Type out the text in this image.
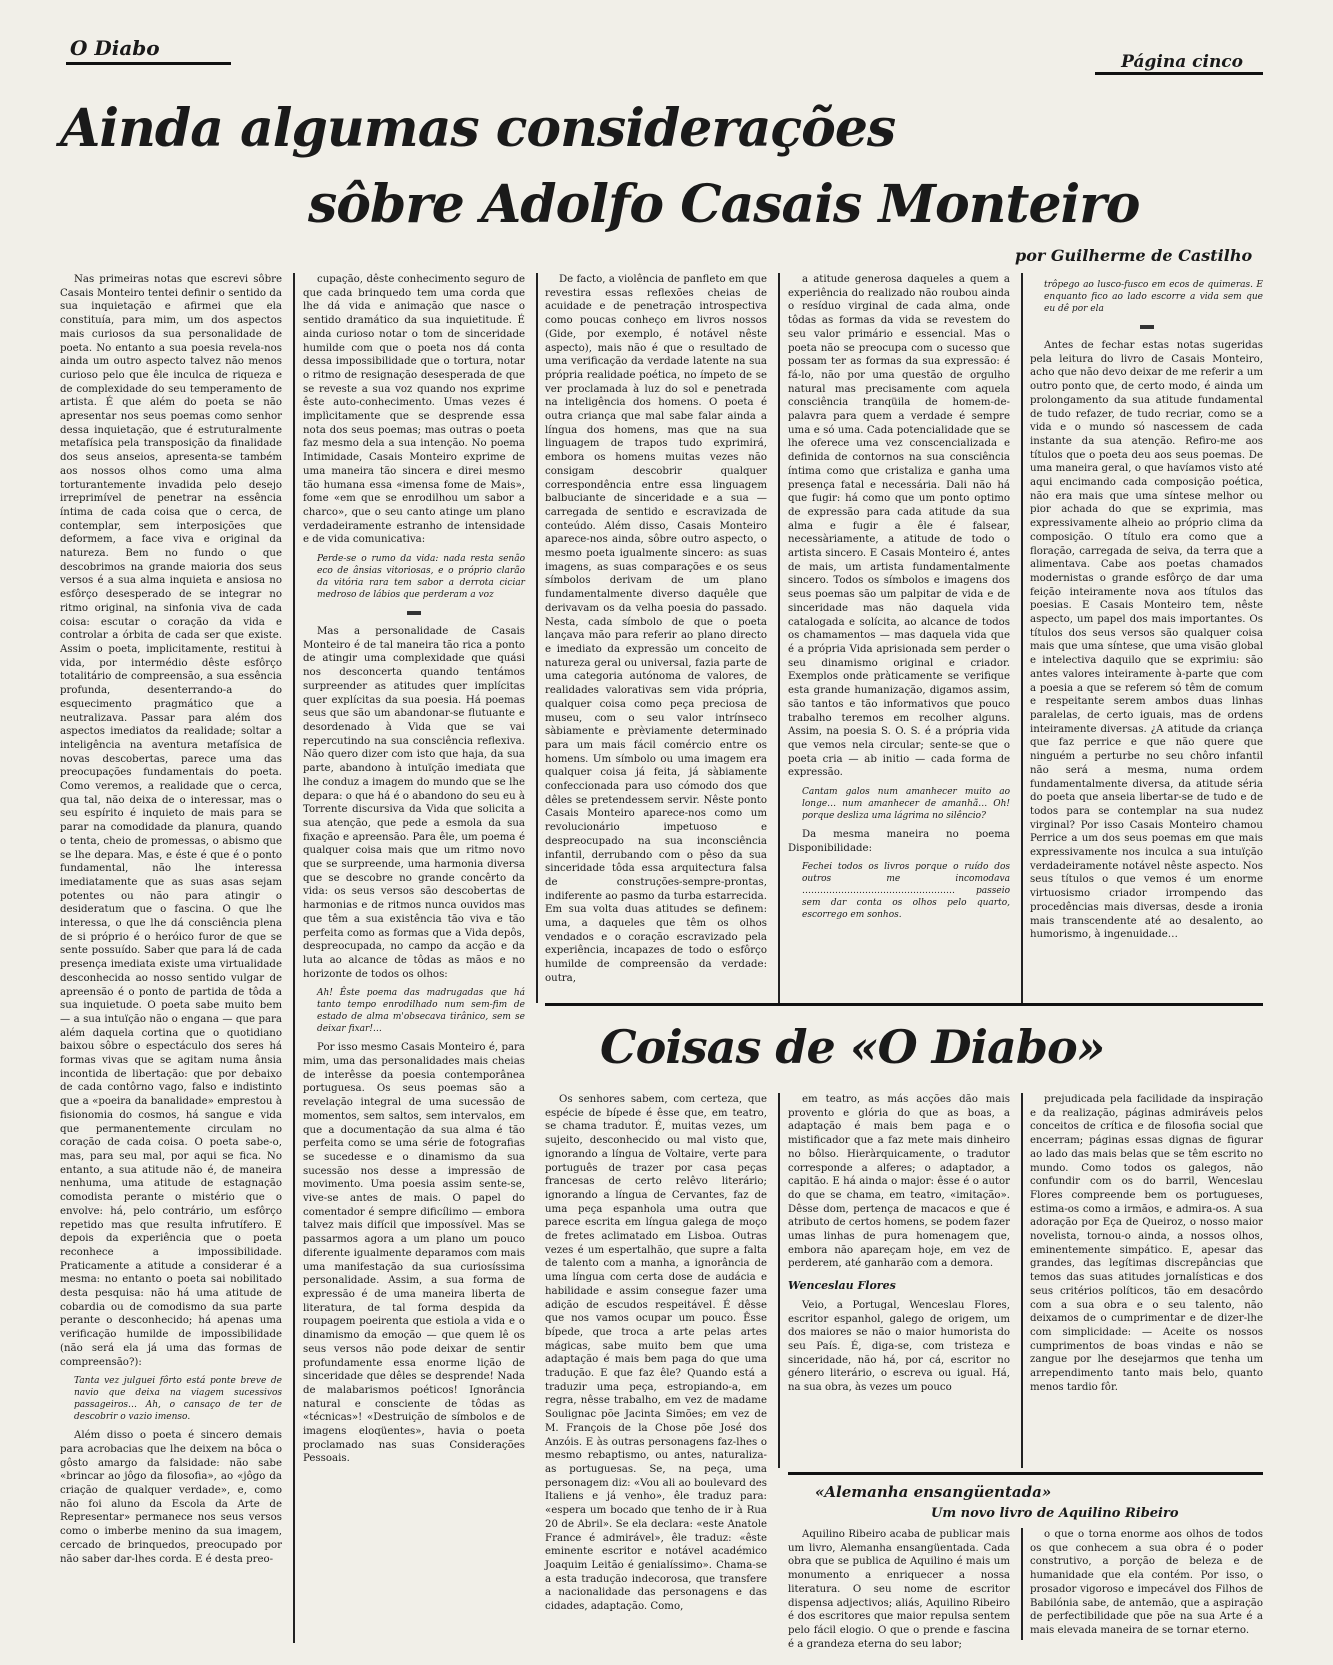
O Diabo
Página cinco
Ainda algumas considerações
sôbre Adolfo Casais Monteiro
por Guilherme de Castilho

Nas primeiras notas que escrevi sôbre Casais Monteiro tentei definir o sentido da sua inquietação e afirmei que ela constituía, para mim, um dos aspectos mais curiosos da sua personalidade de poeta. No entanto a sua poesia revela-nos ainda um outro aspecto talvez não menos curioso pelo que êle inculca de riqueza e de complexidade do seu temperamento de artista. É que além do poeta se não apresentar nos seus poemas como senhor dessa inquietação, que é estruturalmente metafísica pela transposição da finalidade dos seus anseios, apresenta-se também aos nossos olhos como uma alma torturantemente invadida pelo desejo irreprimível de penetrar na essência íntima de cada coisa que o cerca, de contemplar, sem interposições que deformem, a face viva e original da natureza. Bem no fundo o que descobrimos na grande maioria dos seus versos é a sua alma inquieta e ansiosa no esfôrço desesperado de se integrar no ritmo original, na sinfonia viva de cada coisa: escutar o coração da vida e controlar a órbita de cada ser que existe. Assim o poeta, implicitamente, restitui à vida, por intermédio dêste esfôrço totalitário de compreensão, a sua essência profunda, desenterrando-a do esquecimento pragmático que a neutralizava. Passar para além dos aspectos imediatos da realidade; soltar a inteligência na aventura metafísica de novas descobertas, parece uma das preocupações fundamentais do poeta. Como veremos, a realidade que o cerca, qua tal, não deixa de o interessar, mas o seu espírito é inquieto de mais para se parar na comodidade da planura, quando o tenta, cheio de promessas, o abismo que se lhe depara. Mas, e éste é que é o ponto fundamental, não lhe interessa imediatamente que as suas asas sejam potentes ou não para atingir o desideratum que o fascina. O que lhe interessa, o que lhe dá consciência plena de si próprio é o heróico furor de que se sente possuído. Saber que para lá de cada presença imediata existe uma virtualidade desconhecida ao nosso sentido vulgar de apreensão é o ponto de partida de tôda a sua inquietude. O poeta sabe muito bem — a sua intuïção não o engana — que para além daquela cortina que o quotidiano baixou sôbre o espectáculo dos seres há formas vivas que se agitam numa ânsia incontida de libertação: que por debaixo de cada contôrno vago, falso e indistinto que a «poeira da banalidade» emprestou à fisionomia do cosmos, há sangue e vida que permanentemente circulam no coração de cada coisa. O poeta sabe-o, mas, para seu mal, por aqui se fica. No entanto, a sua atitude não é, de maneira nenhuma, uma atitude de estagnação comodista perante o mistério que o envolve: há, pelo contrário, um esfôrço repetido mas que resulta infrutífero. E depois da experiência que o poeta reconhece a impossibilidade. Praticamente a atitude a considerar é a mesma: no entanto o poeta sai nobilitado desta pesquisa: não há uma atitude de cobardia ou de comodismo da sua parte perante o desconhecido; há apenas uma verificação humilde de impossibilidade (não será ela já uma das formas de compreensão?):

Tanta vez julguei fôrto está ponte breve de navio que deixa na viagem sucessivos passageiros… Ah, o cansaço de ter de descobrir o vazio imenso.

Além disso o poeta é sincero demais para acrobacias que lhe deixem na bôca o gôsto amargo da falsidade: não sabe «brincar ao jôgo da filosofia», ao «jôgo da criação de qualquer verdade», e, como não foi aluno da Escola da Arte de Representar» permanece nos seus versos como o imberbe menino da sua imagem, cercado de brinquedos, preocupado por não saber dar-lhes corda. E é desta preo-

cupação, dêste conhecimento seguro de que cada brinquedo tem uma corda que lhe dá vida e animação que nasce o sentido dramático da sua inquietitude. É ainda curioso notar o tom de sinceridade humilde com que o poeta nos dá conta dessa impossibilidade que o tortura, notar o ritmo de resignação desesperada de que se reveste a sua voz quando nos exprime êste auto-conhecimento. Umas vezes é implìcitamente que se desprende essa nota dos seus poemas; mas outras o poeta faz mesmo dela a sua intenção. No poema Intimidade, Casais Monteiro exprime de uma maneira tão sincera e direi mesmo tão humana essa «imensa fome de Mais», fome «em que se enrodilhou um sabor a charco», que o seu canto atinge um plano verdadeiramente estranho de intensidade e de vida comunicativa:

Perde-se o rumo da vida: nada resta senão eco de ânsias vitoriosas, e o próprio clarão da vitória rara tem sabor a derrota ciciar medroso de lábios que perderam a voz

Mas a personalidade de Casais Monteiro é de tal maneira tão rica a ponto de atingir uma complexidade que quási nos desconcerta quando tentámos surpreender as atitudes quer implícitas quer explícitas da sua poesia. Há poemas seus que são um abandonar-se flutuante e desordenado à Vida que se vai repercutindo na sua consciência reflexiva. Não quero dizer com isto que haja, da sua parte, abandono à intuïção imediata que lhe conduz a imagem do mundo que se lhe depara: o que há é o abandono do seu eu à Torrente discursiva da Vida que solicita a sua atenção, que pede a esmola da sua fixação e apreensão. Para êle, um poema é qualquer coisa mais que um ritmo novo que se surpreende, uma harmonia diversa que se descobre no grande concêrto da vida: os seus versos são descobertas de harmonias e de ritmos nunca ouvidos mas que têm a sua existência tão viva e tão perfeita como as formas que a Vida depôs, despreocupada, no campo da acção e da luta ao alcance de tôdas as mãos e no horizonte de todos os olhos:

Ah! Êste poema das madrugadas que há tanto tempo enrodilhado num sem-fim de estado de alma m'obsecava tirânico, sem se deixar fixar!…

Por isso mesmo Casais Monteiro é, para mim, uma das personalidades mais cheias de interêsse da poesia contemporânea portuguesa. Os seus poemas são a revelação integral de uma sucessão de momentos, sem saltos, sem intervalos, em que a documentação da sua alma é tão perfeita como se uma série de fotografias se sucedesse e o dinamismo da sua sucessão nos desse a impressão de movimento. Uma poesia assim sente-se, vive-se antes de mais. O papel do comentador é sempre dificílimo — embora talvez mais difícil que impossível. Mas se passarmos agora a um plano um pouco diferente igualmente deparamos com mais uma manifestação da sua curiosíssima personalidade. Assim, a sua forma de expressão é de uma maneira liberta de literatura, de tal forma despida da roupagem poeirenta que estiola a vida e o dinamismo da emoção — que quem lê os seus versos não pode deixar de sentir profundamente essa enorme lição de sinceridade que dêles se desprende! Nada de malabarismos poéticos! Ignorância natural e consciente de tôdas as «técnicas»! «Destruição de símbolos e de imagens eloqüentes», havia o poeta proclamado nas suas Considerações Pessoais.

De facto, a violência de panfleto em que revestira essas reflexões cheias de acuidade e de penetração introspectiva como poucas conheço em livros nossos (Gide, por exemplo, é notável nêste aspecto), mais não é que o resultado de uma verificação da verdade latente na sua própria realidade poética, no ímpeto de se ver proclamada à luz do sol e penetrada na inteligência dos homens. O poeta é outra criança que mal sabe falar ainda a língua dos homens, mas que na sua linguagem de trapos tudo exprimirá, embora os homens muitas vezes não consigam descobrir qualquer correspondência entre essa linguagem balbuciante de sinceridade e a sua — carregada de sentido e escravizada de conteúdo. Além disso, Casais Monteiro aparece-nos ainda, sôbre outro aspecto, o mesmo poeta igualmente sincero: as suas imagens, as suas comparações e os seus símbolos derivam de um plano fundamentalmente diverso daquêle que derivavam os da velha poesia do passado. Nesta, cada símbolo de que o poeta lançava mão para referir ao plano directo e imediato da expressão um conceito de natureza geral ou universal, fazia parte de uma categoria autónoma de valores, de realidades valorativas sem vida própria, qualquer coisa como peça preciosa de museu, com o seu valor intrínseco sàbiamente e prèviamente determinado para um mais fácil comércio entre os homens. Um símbolo ou uma imagem era qualquer coisa já feita, já sàbiamente confeccionada para uso cómodo dos que dêles se pretendessem servir. Nêste ponto Casais Monteiro aparece-nos como um revolucionário impetuoso e despreocupado na sua inconsciência infantil, derrubando com o pêso da sua sinceridade tôda essa arquitectura falsa de construções-sempre-prontas, indiferente ao pasmo da turba estarrecida. Em sua volta duas atitudes se definem: uma, a daqueles que têm os olhos vendados e o coração escravizado pela experiência, incapazes de todo o esfôrço humilde de compreensão da verdade: outra,

a atitude generosa daqueles a quem a experiência do realizado não roubou ainda o resíduo virginal de cada alma, onde tôdas as formas da vida se revestem do seu valor primário e essencial. Mas o poeta não se preocupa com o sucesso que possam ter as formas da sua expressão: é fá-lo, não por uma questão de orgulho natural mas precisamente com aquela consciência tranqüila de homem-de-palavra para quem a verdade é sempre uma e só uma. Cada potencialidade que se lhe oferece uma vez conscencializada e definida de contornos na sua consciência íntima como que cristaliza e ganha uma presença fatal e necessária. Dali não há que fugir: há como que um ponto optimo de expressão para cada atitude da sua alma e fugir a êle é falsear, necessàriamente, a atitude de todo o artista sincero. E Casais Monteiro é, antes de mais, um artista fundamentalmente sincero. Todos os símbolos e imagens dos seus poemas são um palpitar de vida e de sinceridade mas não daquela vida catalogada e solícita, ao alcance de todos os chamamentos — mas daquela vida que é a própria Vida aprisionada sem perder o seu dinamismo original e criador. Exemplos onde pràticamente se verifique esta grande humanização, digamos assim, são tantos e tão informativos que pouco trabalho teremos em recolher alguns. Assim, na poesia S. O. S. é a própria vida que vemos nela circular; sente-se que o poeta cria — ab initio — cada forma de expressão.

Cantam galos num amanhecer muito ao longe… num amanhecer de amanhã… Oh! porque desliza uma lágrima no silêncio?

Da mesma maneira no poema Disponibilidade:

Fechei todos os livros porque o ruído dos outros me incomodava …………………………………………… passeio sem dar conta os olhos pelo quarto, escorrego em sonhos.

trôpego ao lusco-fusco em ecos de quimeras. E enquanto fico ao lado escorre a vida sem que eu dê por ela

Antes de fechar estas notas sugeridas pela leitura do livro de Casais Monteiro, acho que não devo deixar de me referir a um outro ponto que, de certo modo, é ainda um prolongamento da sua atitude fundamental de tudo refazer, de tudo recriar, como se a vida e o mundo só nascessem de cada instante da sua atenção. Refiro-me aos títulos que o poeta deu aos seus poemas. De uma maneira geral, o que havíamos visto até aqui encimando cada composição poética, não era mais que uma síntese melhor ou pior achada do que se exprimia, mas expressivamente alheio ao próprio clima da composição. O título era como que a floração, carregada de seiva, da terra que a alimentava. Cabe aos poetas chamados modernistas o grande esfôrço de dar uma feição inteiramente nova aos títulos das poesias. E Casais Monteiro tem, nêste aspecto, um papel dos mais importantes. Os títulos dos seus versos são qualquer coisa mais que uma síntese, que uma visão global e intelectiva daquilo que se exprimiu: são antes valores inteiramente à-parte que com a poesia a que se referem só têm de comum e respeitante serem ambos duas linhas paralelas, de certo iguais, mas de ordens inteiramente diversas. ¿A atitude da criança que faz perrice e que não quere que ninguém a perturbe no seu chôro infantil não será a mesma, numa ordem fundamentalmente diversa, da atitude séria do poeta que anseia libertar-se de tudo e de todos para se contemplar na sua nudez virginal? Por isso Casais Monteiro chamou Perrice a um dos seus poemas em que mais expressivamente nos inculca a sua intuïção verdadeiramente notável nêste aspecto. Nos seus títulos o que vemos é um enorme virtuosismo criador irrompendo das procedências mais diversas, desde a ironia mais transcendente até ao desalento, ao humorismo, à ingenuidade…

Coisas de «O Diabo»

Os senhores sabem, com certeza, que espécie de bípede é êsse que, em teatro, se chama tradutor. É, muitas vezes, um sujeito, desconhecido ou mal visto que, ignorando a língua de Voltaire, verte para português de trazer por casa peças francesas de certo relêvo literário; ignorando a língua de Cervantes, faz de uma peça espanhola uma outra que parece escrita em língua galega de moço de fretes aclimatado em Lisboa. Outras vezes é um espertalhão, que supre a falta de talento com a manha, a ignorância de uma língua com certa dose de audácia e habilidade e assim consegue fazer uma adição de escudos respeitável. É dêsse que nos vamos ocupar um pouco. Êsse bípede, que troca a arte pelas artes mágicas, sabe muito bem que uma adaptação é mais bem paga do que uma tradução. E que faz êle? Quando está a traduzir uma peça, estropiando-a, em regra, nêsse trabalho, em vez de madame Soulignac põe Jacinta Simões; em vez de M. François de la Chose põe José dos Anzóis. E às outras personagens faz-lhes o mesmo rebaptismo, ou antes, naturaliza-as portuguesas. Se, na peça, uma personagem diz: «Vou ali ao boulevard des Italiens e já venho», êle traduz para: «espera um bocado que tenho de ir à Rua 20 de Abril». Se ela declara: «este Anatole France é admirável», êle traduz: «êste eminente escritor e notável académico Joaquim Leitão é genialíssimo». Chama-se a esta tradução indecorosa, que transfere a nacionalidade das personagens e das cidades, adaptação. Como,

em teatro, as más acções dão mais provento e glória do que as boas, a adaptação é mais bem paga e o mistificador que a faz mete mais dinheiro no bôlso. Hieràrquicamente, o tradutor corresponde a alferes; o adaptador, a capitão. E há ainda o major: êsse é o autor do que se chama, em teatro, «imitação». Dêsse dom, pertença de macacos e que é atributo de certos homens, se podem fazer umas linhas de pura homenagem que, embora não apareçam hoje, em vez de perderem, até ganharão com a demora.

Wenceslau Flores

Veio, a Portugal, Wenceslau Flores, escritor espanhol, galego de origem, um dos maiores se não o maior humorista do seu País. É, diga-se, com tristeza e sinceridade, não há, por cá, escritor no género literário, o escreva ou igual. Há, na sua obra, às vezes um pouco

prejudicada pela facilidade da inspiração e da realização, páginas admiráveis pelos conceitos de crítica e de filosofia social que encerram; páginas essas dignas de figurar ao lado das mais belas que se têm escrito no mundo. Como todos os galegos, não confundir com os do barril, Wenceslau Flores compreende bem os portugueses, estima-os como a irmãos, e admira-os. A sua adoração por Eça de Queiroz, o nosso maior novelista, tornou-o ainda, a nossos olhos, eminentemente simpático. E, apesar das grandes, das legítimas discrepâncias que temos das suas atitudes jornalísticas e dos seus critérios políticos, tão em desacôrdo com a sua obra e o seu talento, não deixamos de o cumprimentar e de dizer-lhe com simplicidade: — Aceite os nossos cumprimentos de boas vindas e não se zangue por lhe desejarmos que tenha um arrependimento tanto mais belo, quanto menos tardio fôr.

«Alemanha ensangüentada»
Um novo livro de Aquilino Ribeiro

Aquilino Ribeiro acaba de publicar mais um livro, Alemanha ensangüentada. Cada obra que se publica de Aquilino é mais um monumento a enriquecer a nossa literatura. O seu nome de escritor dispensa adjectivos; aliás, Aquilino Ribeiro é dos escritores que maior repulsa sentem pelo fácil elogio. O que o prende e fascina é a grandeza eterna do seu labor;

o que o torna enorme aos olhos de todos os que conhecem a sua obra é o poder construtivo, a porção de beleza e de humanidade que ela contém. Por isso, o prosador vigoroso e impecável dos Filhos de Babilónia sabe, de antemão, que a aspiração de perfectibilidade que põe na sua Arte é a mais elevada maneira de se tornar eterno.
